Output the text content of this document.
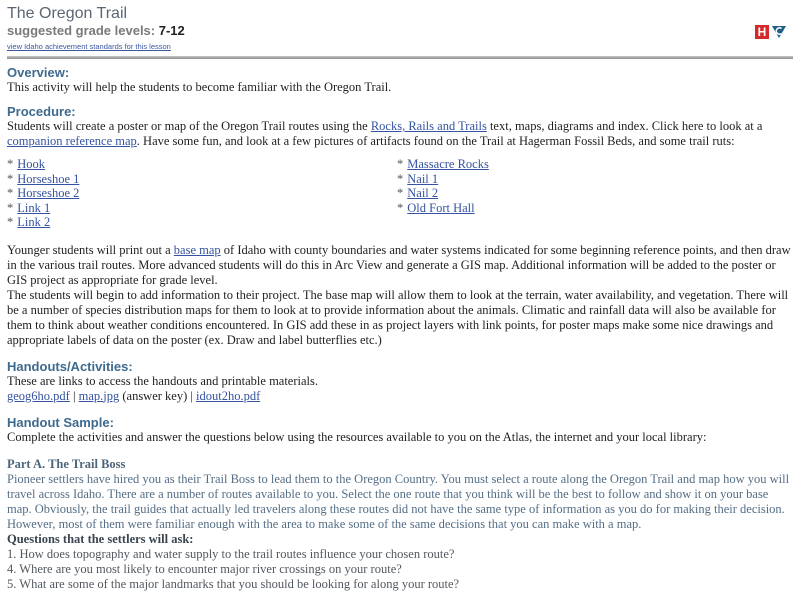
The Oregon Trail
suggested grade levels: 7-12
view Idaho achievement standards for this lesson
H
Overview:

This activity will help the students to become familiar with the Oregon Trail.

Procedure:

Students will create a poster or map of the Oregon Trail routes using the Rocks, Rails and Trails text, maps, diagrams and index. Click here to look at a companion reference map. Have some fun, and look at a few pictures of artifacts found on the Trail at Hagerman Fossil Beds, and some trail ruts:

* Hook
* Horseshoe 1
* Horseshoe 2
* Link 1
* Link 2
* Massacre Rocks
* Nail 1
* Nail 2
* Old Fort Hall

Younger students will print out a base map of Idaho with county boundaries and water systems indicated for some beginning reference points, and then draw in the various trail routes. More advanced students will do this in Arc View and generate a GIS map. Additional information will be added to the poster or GIS project as appropriate for grade level.

The students will begin to add information to their project. The base map will allow them to look at the terrain, water availability, and vegetation. There will be a number of species distribution maps for them to look at to provide information about the animals. Climatic and rainfall data will also be available for them to think about weather conditions encountered. In GIS add these in as project layers with link points, for poster maps make some nice drawings and appropriate labels of data on the poster (ex. Draw and label butterflies etc.)

Handouts/Activities:

These are links to access the handouts and printable materials.

geog6ho.pdf | map.jpg (answer key) | idout2ho.pdf

Handout Sample:

Complete the activities and answer the questions below using the resources available to you on the Atlas, the internet and your local library:

Part A. The Trail Boss

Pioneer settlers have hired you as their Trail Boss to lead them to the Oregon Country. You must select a route along the Oregon Trail and map how you will travel across Idaho. There are a number of routes available to you. Select the one route that you think will be the best to follow and show it on your base map. Obviously, the trail guides that actually led travelers along these routes did not have the same type of information as you do for making their decision. However, most of them were familiar enough with the area to make some of the same decisions that you can make with a map.

Questions that the settlers will ask:

1. How does topography and water supply to the trail routes influence your chosen route?

4. Where are you most likely to encounter major river crossings on your route?

5. What are some of the major landmarks that you should be looking for along your route?
